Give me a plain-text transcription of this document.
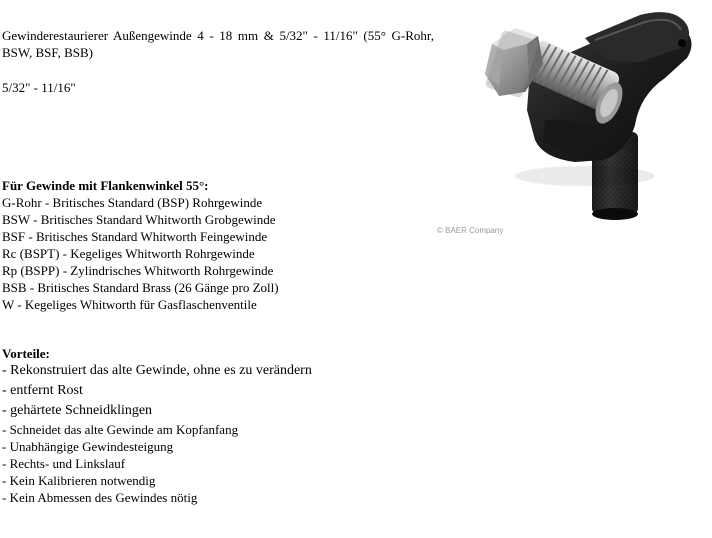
Gewinderestaurierer Außengewinde 4 - 18 mm & 5/32" - 11/16" (55° G-Rohr, BSW, BSF, BSB)

5/32" - 11/16"

Für Gewinde mit Flankenwinkel 55°:

G-Rohr - Britisches Standard (BSP) Rohrgewinde
BSW - Britisches Standard Whitworth Grobgewinde
BSF - Britisches Standard Whitworth Feingewinde
Rc (BSPT) - Kegeliges Whitworth Rohrgewinde
Rp (BSPP) - Zylindrisches Whitworth Rohrgewinde
BSB - Britisches Standard Brass (26 Gänge pro Zoll)
W - Kegeliges Whitworth für Gasflaschenventile

Vorteile:

- Rekonstruiert das alte Gewinde, ohne es zu verändern
- entfernt Rost
- gehärtete Schneidklingen
- Schneidet das alte Gewinde am Kopfanfang
- Unabhängige Gewindesteigung
- Rechts- und Linkslauf
- Kein Kalibrieren notwendig
- Kein Abmessen des Gewindes nötig
© BAER Company
